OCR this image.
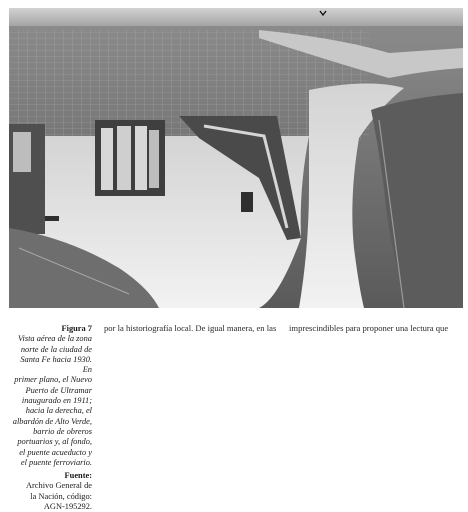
Figura 7
Vista aérea de la zona
norte de la ciudad de
Santa Fe hacia 1930. En
primer plano, el Nuevo
Puerto de Ultramar
inaugurado en 1911;
hacia la derecha, el
albardón de Alto Verde,
barrio de obreros
portuarios y, al fondo,
el puente acueducto y
el puente ferroviario.
Fuente:
Archivo General de
la Nación, código:
AGN-195292.
por la historiografía local. De igual manera, en las imprescindibles para proponer una lectura que
